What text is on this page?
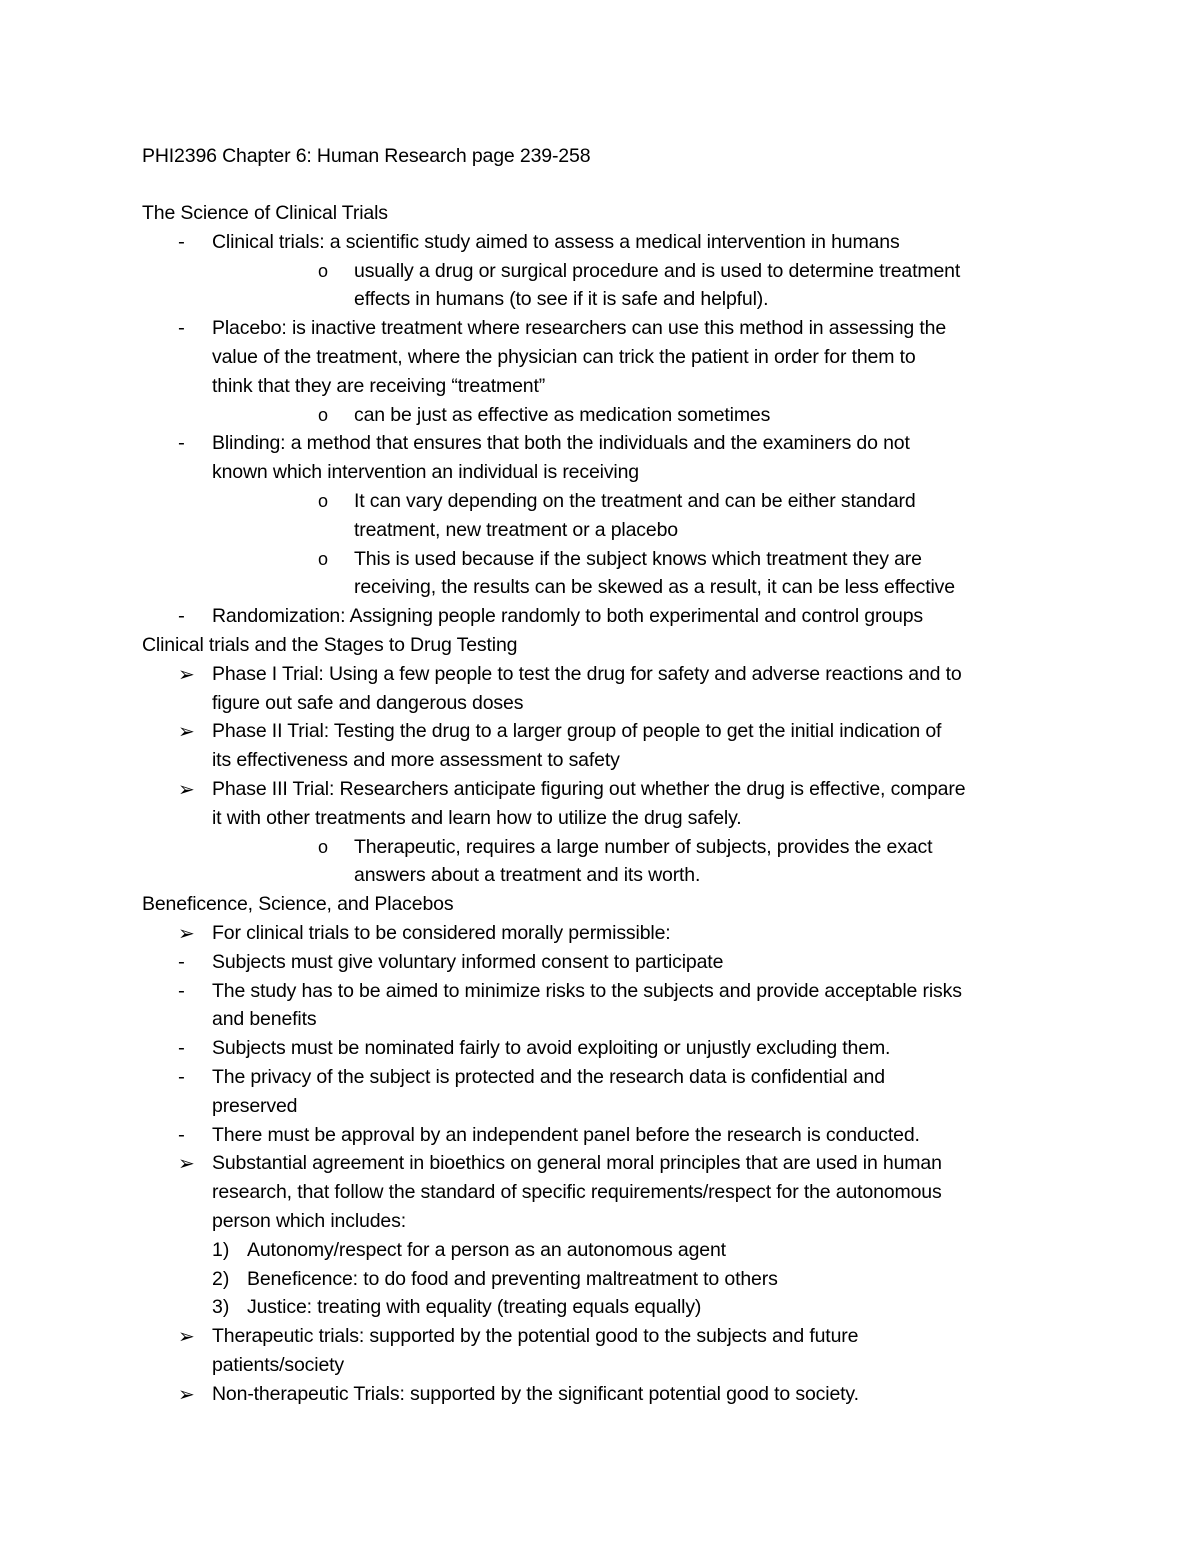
PHI2396 Chapter 6: Human Research page 239-258
The Science of Clinical Trials
- Clinical trials: a scientific study aimed to assess a medical intervention in humans
o usually a drug or surgical procedure and is used to determine treatment
effects in humans (to see if it is safe and helpful).
- Placebo: is inactive treatment where researchers can use this method in assessing the
value of the treatment, where the physician can trick the patient in order for them to
think that they are receiving “treatment”
o can be just as effective as medication sometimes
- Blinding: a method that ensures that both the individuals and the examiners do not
known which intervention an individual is receiving
o It can vary depending on the treatment and can be either standard
treatment, new treatment or a placebo
o This is used because if the subject knows which treatment they are
receiving, the results can be skewed as a result, it can be less effective
- Randomization: Assigning people randomly to both experimental and control groups
Clinical trials and the Stages to Drug Testing
➢ Phase I Trial: Using a few people to test the drug for safety and adverse reactions and to
figure out safe and dangerous doses
➢ Phase II Trial: Testing the drug to a larger group of people to get the initial indication of
its effectiveness and more assessment to safety
➢ Phase III Trial: Researchers anticipate figuring out whether the drug is effective, compare
it with other treatments and learn how to utilize the drug safely.
o Therapeutic, requires a large number of subjects, provides the exact
answers about a treatment and its worth.
Beneficence, Science, and Placebos
➢ For clinical trials to be considered morally permissible:
- Subjects must give voluntary informed consent to participate
- The study has to be aimed to minimize risks to the subjects and provide acceptable risks
and benefits
- Subjects must be nominated fairly to avoid exploiting or unjustly excluding them.
- The privacy of the subject is protected and the research data is confidential and
preserved
- There must be approval by an independent panel before the research is conducted.
➢ Substantial agreement in bioethics on general moral principles that are used in human
research, that follow the standard of specific requirements/respect for the autonomous
person which includes:
1) Autonomy/respect for a person as an autonomous agent
2) Beneficence: to do food and preventing maltreatment to others
3) Justice: treating with equality (treating equals equally)
➢ Therapeutic trials: supported by the potential good to the subjects and future
patients/society
➢ Non-therapeutic Trials: supported by the significant potential good to society.
